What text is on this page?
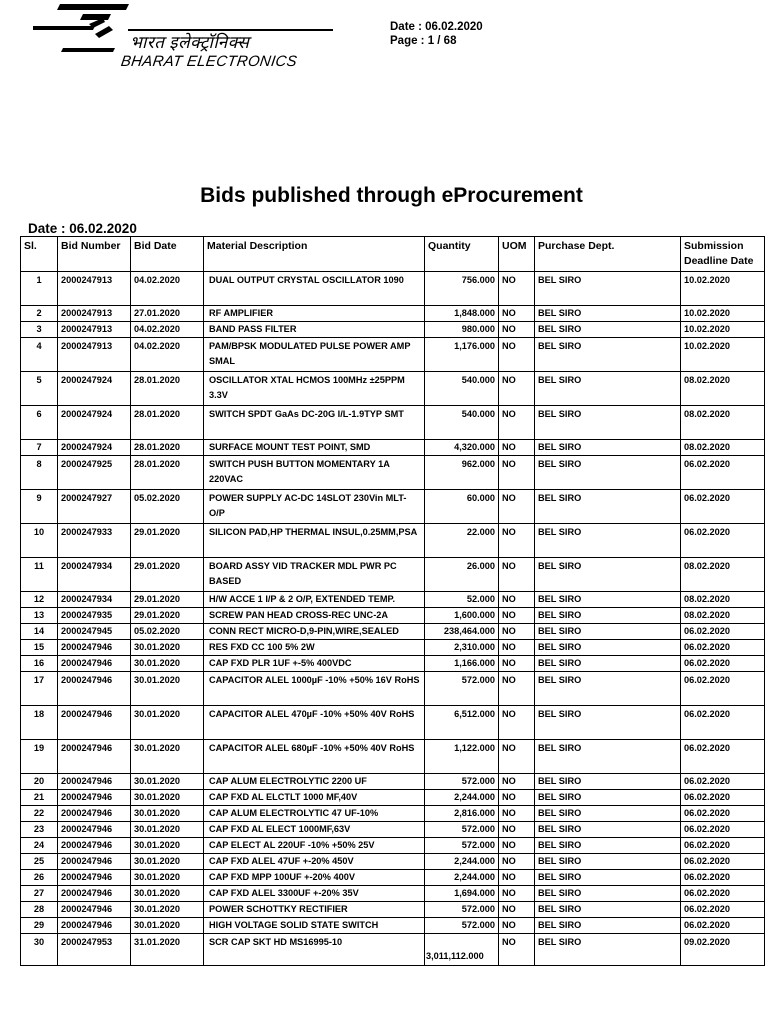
भारत इलेक्ट्रॉनिक्स
BHARAT ELECTRONICS
Date : 06.02.2020
Page : 1 / 68
Bids published through eProcurement
Date : 06.02.2020
Sl.	Bid Number	Bid Date	Material Description	Quantity	UOM	Purchase Dept.	Submission Deadline Date
1	2000247913	04.02.2020	DUAL OUTPUT CRYSTAL OSCILLATOR 1090	756.000	NO	BEL SIRO	10.02.2020
2	2000247913	27.01.2020	RF AMPLIFIER	1,848.000	NO	BEL SIRO	10.02.2020
3	2000247913	04.02.2020	BAND PASS FILTER	980.000	NO	BEL SIRO	10.02.2020
4	2000247913	04.02.2020	PAM/BPSK MODULATED PULSE POWER AMP SMAL	1,176.000	NO	BEL SIRO	10.02.2020
5	2000247924	28.01.2020	OSCILLATOR XTAL HCMOS 100MHz ±25PPM 3.3V	540.000	NO	BEL SIRO	08.02.2020
6	2000247924	28.01.2020	SWITCH SPDT GaAs DC-20G I/L-1.9TYP SMT	540.000	NO	BEL SIRO	08.02.2020
7	2000247924	28.01.2020	SURFACE MOUNT TEST POINT, SMD	4,320.000	NO	BEL SIRO	08.02.2020
8	2000247925	28.01.2020	SWITCH PUSH BUTTON MOMENTARY 1A 220VAC	962.000	NO	BEL SIRO	06.02.2020
9	2000247927	05.02.2020	POWER SUPPLY AC-DC 14SLOT 230Vin MLT-O/P	60.000	NO	BEL SIRO	06.02.2020
10	2000247933	29.01.2020	SILICON PAD,HP THERMAL INSUL,0.25MM,PSA	22.000	NO	BEL SIRO	06.02.2020
11	2000247934	29.01.2020	BOARD ASSY VID TRACKER MDL PWR PC BASED	26.000	NO	BEL SIRO	08.02.2020
12	2000247934	29.01.2020	H/W ACCE 1 I/P & 2 O/P, EXTENDED TEMP.	52.000	NO	BEL SIRO	08.02.2020
13	2000247935	29.01.2020	SCREW PAN HEAD CROSS-REC UNC-2A	1,600.000	NO	BEL SIRO	08.02.2020
14	2000247945	05.02.2020	CONN RECT MICRO-D,9-PIN,WIRE,SEALED	238,464.000	NO	BEL SIRO	06.02.2020
15	2000247946	30.01.2020	RES FXD CC 100 5% 2W	2,310.000	NO	BEL SIRO	06.02.2020
16	2000247946	30.01.2020	CAP FXD PLR 1UF +-5% 400VDC	1,166.000	NO	BEL SIRO	06.02.2020
17	2000247946	30.01.2020	CAPACITOR ALEL 1000µF -10% +50% 16V RoHS	572.000	NO	BEL SIRO	06.02.2020
18	2000247946	30.01.2020	CAPACITOR ALEL 470µF -10% +50% 40V RoHS	6,512.000	NO	BEL SIRO	06.02.2020
19	2000247946	30.01.2020	CAPACITOR ALEL 680µF -10% +50% 40V RoHS	1,122.000	NO	BEL SIRO	06.02.2020
20	2000247946	30.01.2020	CAP ALUM ELECTROLYTIC 2200 UF	572.000	NO	BEL SIRO	06.02.2020
21	2000247946	30.01.2020	CAP FXD AL ELCTLT 1000 MF,40V	2,244.000	NO	BEL SIRO	06.02.2020
22	2000247946	30.01.2020	CAP ALUM ELECTROLYTIC 47 UF-10%	2,816.000	NO	BEL SIRO	06.02.2020
23	2000247946	30.01.2020	CAP FXD AL ELECT 1000MF,63V	572.000	NO	BEL SIRO	06.02.2020
24	2000247946	30.01.2020	CAP ELECT AL 220UF -10% +50% 25V	572.000	NO	BEL SIRO	06.02.2020
25	2000247946	30.01.2020	CAP FXD ALEL 47UF +-20% 450V	2,244.000	NO	BEL SIRO	06.02.2020
26	2000247946	30.01.2020	CAP FXD MPP 100UF +-20% 400V	2,244.000	NO	BEL SIRO	06.02.2020
27	2000247946	30.01.2020	CAP FXD ALEL 3300UF +-20% 35V	1,694.000	NO	BEL SIRO	06.02.2020
28	2000247946	30.01.2020	POWER SCHOTTKY RECTIFIER	572.000	NO	BEL SIRO	06.02.2020
29	2000247946	30.01.2020	HIGH VOLTAGE SOLID STATE SWITCH	572.000	NO	BEL SIRO	06.02.2020
30	2000247953	31.01.2020	SCR CAP SKT HD MS16995-10	3,011,112.000	NO	BEL SIRO	09.02.2020
